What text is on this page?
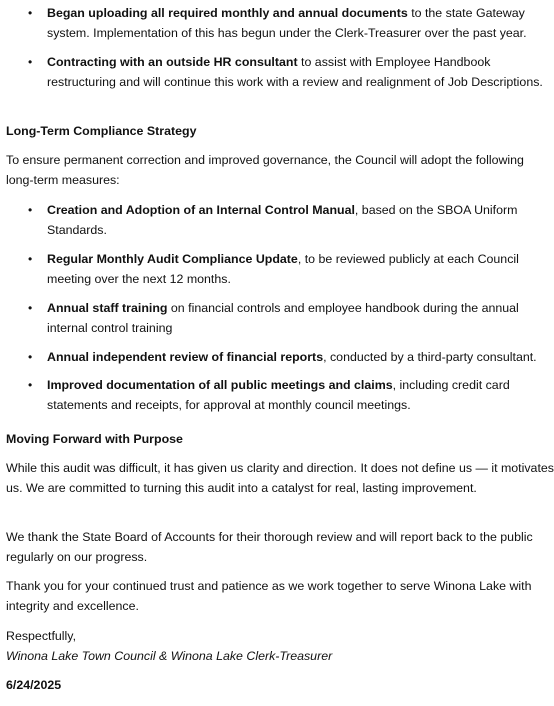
• Began uploading all required monthly and annual documents to the state Gateway system. Implementation of this has begun under the Clerk-Treasurer over the past year.
• Contracting with an outside HR consultant to assist with Employee Handbook restructuring and will continue this work with a review and realignment of Job Descriptions.
Long-Term Compliance Strategy
To ensure permanent correction and improved governance, the Council will adopt the following long-term measures:
• Creation and Adoption of an Internal Control Manual, based on the SBOA Uniform Standards.
• Regular Monthly Audit Compliance Update, to be reviewed publicly at each Council meeting over the next 12 months.
• Annual staff training on financial controls and employee handbook during the annual internal control training
• Annual independent review of financial reports, conducted by a third-party consultant.
• Improved documentation of all public meetings and claims, including credit card statements and receipts, for approval at monthly council meetings.
Moving Forward with Purpose
While this audit was difficult, it has given us clarity and direction. It does not define us — it motivates us. We are committed to turning this audit into a catalyst for real, lasting improvement.
We thank the State Board of Accounts for their thorough review and will report back to the public regularly on our progress.
Thank you for your continued trust and patience as we work together to serve Winona Lake with integrity and excellence.
Respectfully,
Winona Lake Town Council & Winona Lake Clerk-Treasurer
6/24/2025
